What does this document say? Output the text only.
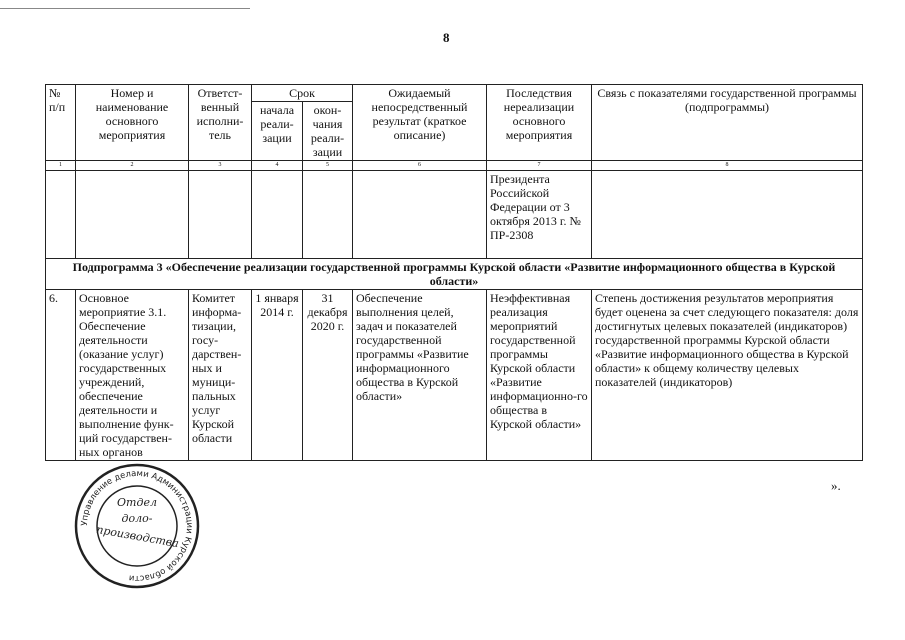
8
№ п/п	Номер и наименование основного мероприятия	Ответст-венный исполни-тель	Срок		Ожидаемый непосредственный результат (краткое описание)	Последствия нереализации основного мероприятия	Связь с показателями государственной программы (подпрограммы)
			начала реали-зации	окон-чания реали-зации			
1	2	3	4	5	6	7	8
						Президента Российской Федерации от 3 октября 2013 г. № ПР-2308	
Подпрограмма 3 «Обеспечение реализации государственной программы Курской области «Развитие информационного общества в Курской области»							
6.	Основное мероприятие 3.1. Обеспечение деятельности (оказание услуг) государственных учреждений, обеспечение деятельности и выполнение функ-ций государствен-ных органов	Комитет информа-тизации, госу-дарствен-ных и муници-пальных услуг Курской области	1 января 2014 г.	31 декабря 2020 г.	Обеспечение выполнения целей, задач и показателей государственной программы «Развитие информационного общества в Курской области»	Неэффективная реализация мероприятий государственной программы Курской области «Развитие информационно-го общества в Курской области»	Степень достижения результатов мероприятия будет оценена за счет следующего показателя: доля достигнутых целевых показателей (индикаторов) государственной программы Курской области «Развитие информационного общества в Курской области» к общему количеству целевых показателей (индикаторов)
Управление делами Администрации Курской области
Отдел
доло-
производства
».
